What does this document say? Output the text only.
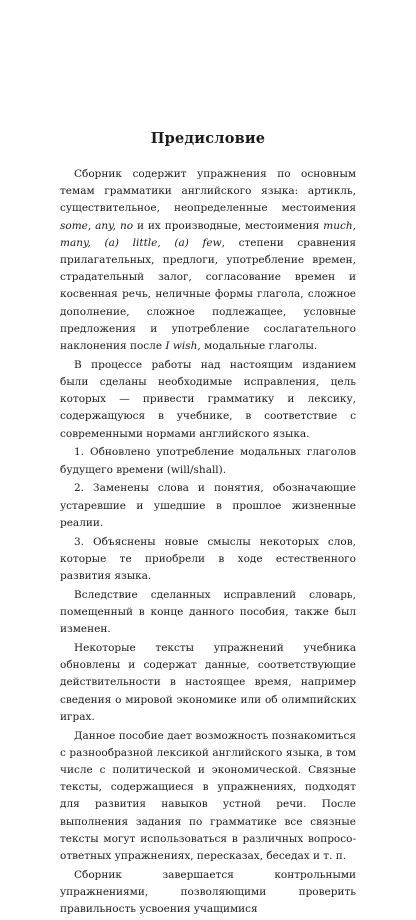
Предисловие

Сборник содержит упражнения по основным темам грамматики английского языка: артикль, существительное, неопределенные местоимения some, any, no и их производные, местоимения much, many, (a) little, (a) few, степени сравнения прилагательных, предлоги, употребление времен, страдательный залог, согласование времен и косвенная речь, неличные формы глагола, сложное дополнение, сложное подлежащее, условные предложения и употребление сослагательного наклонения после I wish, модальные глаголы.

В процессе работы над настоящим изданием были сделаны необходимые исправления, цель которых — привести грамматику и лексику, содержащуюся в учебнике, в соответствие с современными нормами английского языка.

1. Обновлено употребление модальных глаголов будущего времени (will/shall).

2. Заменены слова и понятия, обозначающие устаревшие и ушедшие в прошлое жизненные реалии.

3. Объяснены новые смыслы некоторых слов, которые те приобрели в ходе естественного развития языка.

Вследствие сделанных исправлений словарь, помещенный в конце данного пособия, также был изменен.

Некоторые тексты упражнений учебника обновлены и содержат данные, соответствующие действительности в настоящее время, например сведения о мировой экономике или об олимпийских играх.

Данное пособие дает возможность познакомиться с разнообразной лексикой английского языка, в том числе с политической и экономической. Связные тексты, содержащиеся в упражнениях, подходят для развития навыков устной речи. После выполнения задания по грамматике все связные тексты могут использоваться в различных вопросо-ответных упражнениях, пересказах, беседах и т. п.

Сборник завершается контрольными упражнениями, позволяющими проверить правильность усвоения учащимися
